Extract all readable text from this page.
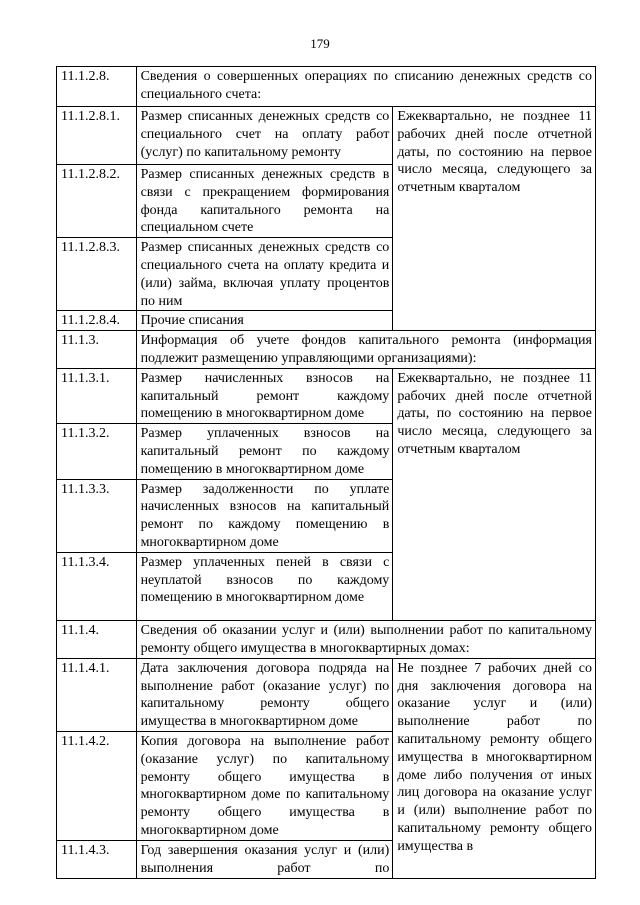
179
11.1.2.8.	Сведения о совершенных операциях по списанию денежных средств со специального счета:	
11.1.2.8.1.	Размер списанных денежных средств со специального счет на оплату работ (услуг) по капитальному ремонту	Ежеквартально, не позднее 11 рабочих дней после отчетной даты, по состоянию на первое число месяца, следующего за отчетным кварталом
11.1.2.8.2.	Размер списанных денежных средств в связи с прекращением формирования фонда капитального ремонта на специальном счете	
11.1.2.8.3.	Размер списанных денежных средств со специального счета на оплату кредита и (или) займа, включая уплату процентов по ним	
11.1.2.8.4.	Прочие списания	
11.1.3.	Информация об учете фондов капитального ремонта (информация подлежит размещению управляющими организациями):	
11.1.3.1.	Размер начисленных взносов на капитальный ремонт каждому помещению в многоквартирном доме	Ежеквартально, не позднее 11 рабочих дней после отчетной даты, по состоянию на первое число месяца, следующего за отчетным кварталом
11.1.3.2.	Размер уплаченных взносов на капитальный ремонт по каждому помещению в многоквартирном доме	
11.1.3.3.	Размер задолженности по уплате начисленных взносов на капитальный ремонт по каждому помещению в многоквартирном доме	
11.1.3.4.	Размер уплаченных пеней в связи с неуплатой взносов по каждому помещению в многоквартирном доме	
11.1.4.	Сведения об оказании услуг и (или) выполнении работ по капитальному ремонту общего имущества в многоквартирных домах:	
11.1.4.1.	Дата заключения договора подряда на выполнение работ (оказание услуг) по капитальному ремонту общего имущества в многоквартирном доме	Не позднее 7 рабочих дней со дня заключения договора на оказание услуг и (или) выполнение работ по капитальному ремонту общего имущества в многоквартирном доме либо получения от иных лиц договора на оказание услуг и (или) выполнение работ по капитальному ремонту общего имущества в
11.1.4.2.	Копия договора на выполнение работ (оказание услуг) по капитальному ремонту общего имущества в многоквартирном доме по капитальному ремонту общего имущества в многоквартирном доме	
11.1.4.3.	Год завершения оказания услуг и (или) выполнения работ по	
